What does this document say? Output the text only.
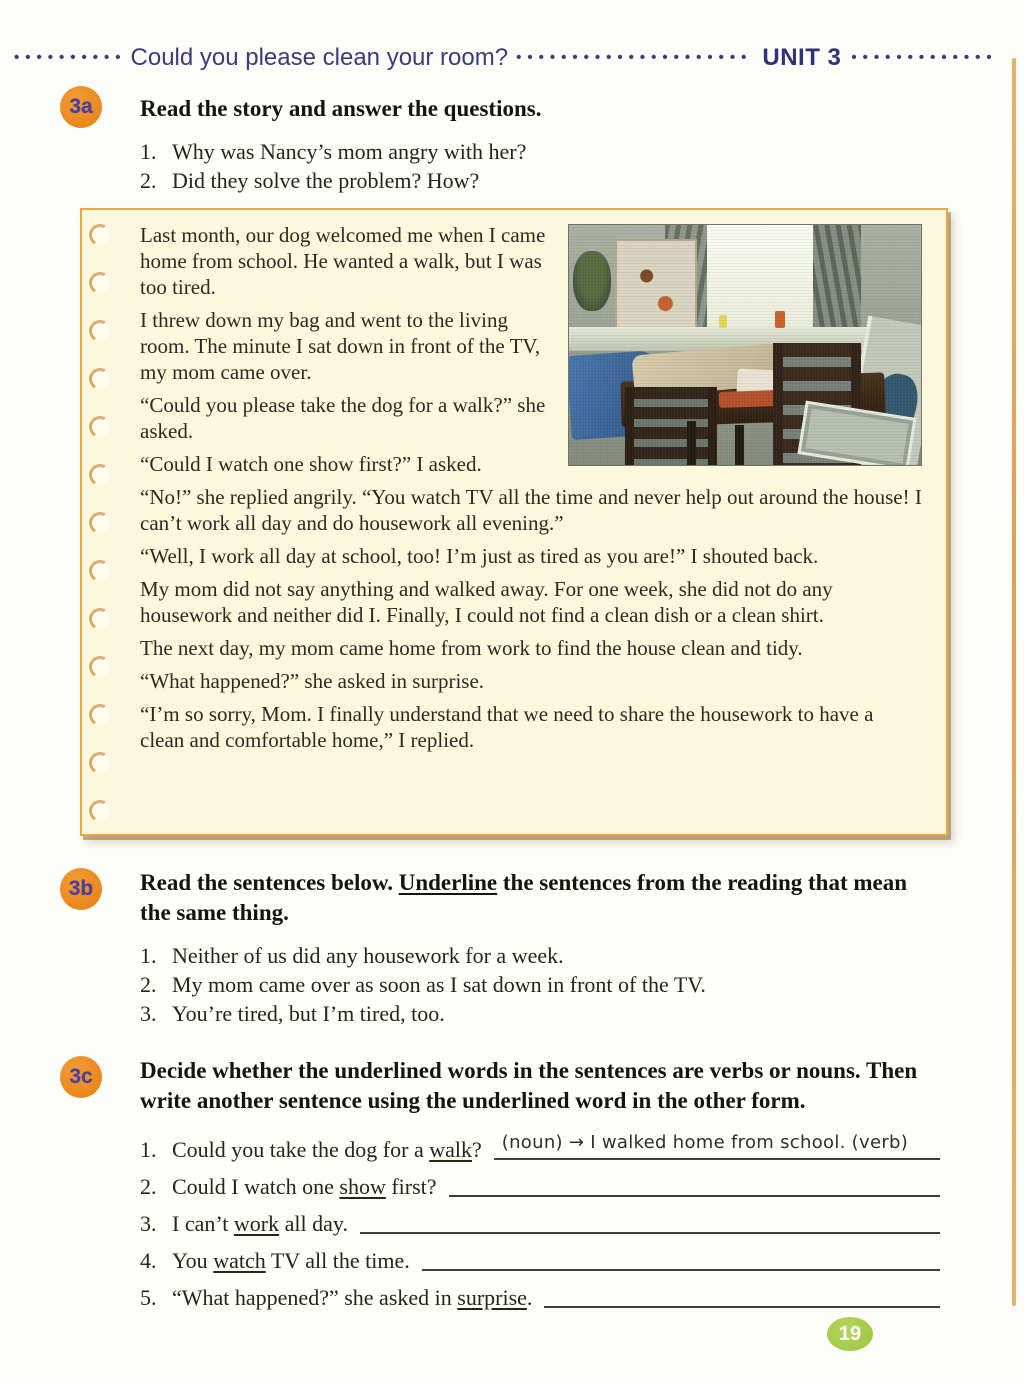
•••••••••• Could you please clean your room? ••••••••••••••••••••• UNIT 3 •••••••••••••
3a	Read the story and answer the questions.
1. Why was Nancy’s mom angry with her?
2. Did they solve the problem? How?

Last month, our dog welcomed me when I came home from school. He wanted a walk, but I was too tired.

I threw down my bag and went to the living room. The minute I sat down in front of the TV, my mom came over.

“Could you please take the dog for a walk?” she asked.

“Could I watch one show first?” I asked.

“No!” she replied angrily. “You watch TV all the time and never help out around the house! I can’t work all day and do housework all evening.”

“Well, I work all day at school, too! I’m just as tired as you are!” I shouted back.

My mom did not say anything and walked away. For one week, she did not do any housework and neither did I. Finally, I could not find a clean dish or a clean shirt.

The next day, my mom came home from work to find the house clean and tidy.

“What happened?” she asked in surprise.

“I’m so sorry, Mom. I finally understand that we need to share the housework to have a clean and comfortable home,” I replied.

3b	Read the sentences below. Underline the sentences from the reading that mean the same thing.
1. Neither of us did any housework for a week.
2. My mom came over as soon as I sat down in front of the TV.
3. You’re tired, but I’m tired, too.
3c	Decide whether the underlined words in the sentences are verbs or nouns. Then write another sentence using the underlined word in the other form.
1. Could you take the dog for a walk?	(noun) → I walked home from school. (verb)
2. Could I watch one show first?
3. I can’t work all day.
4. You watch TV all the time.
5. “What happened?” she asked in surprise.
19
